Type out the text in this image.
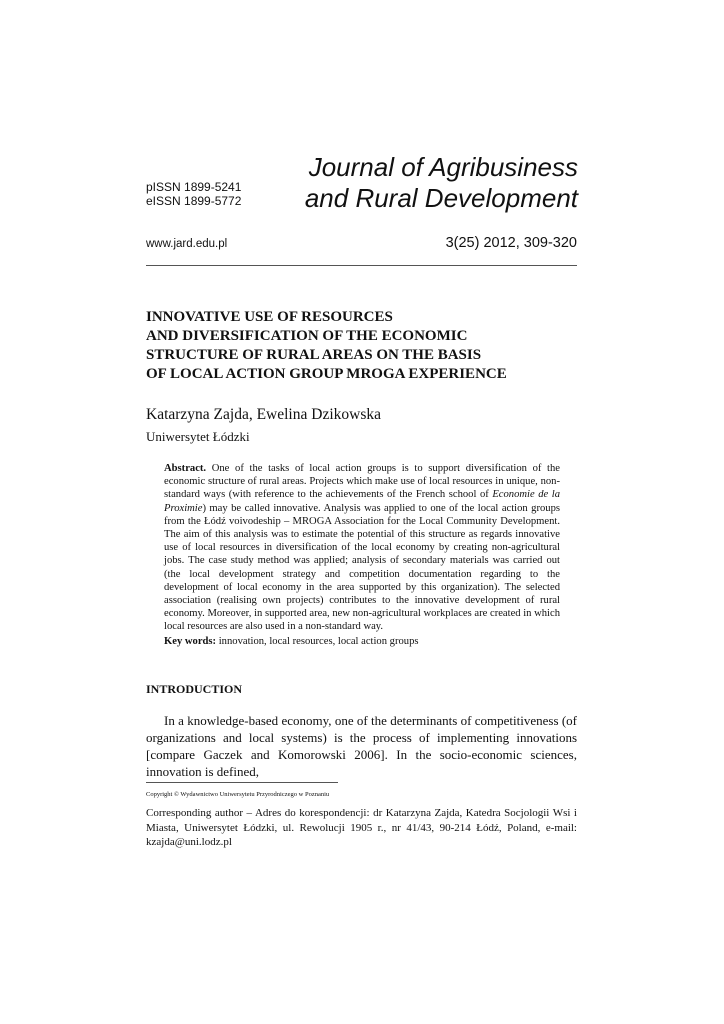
pISSN 1899-5241
eISSN 1899-5772
Journal of Agribusiness
and Rural Development
www.jard.edu.pl	3(25) 2012, 309-320
INNOVATIVE USE OF RESOURCES
AND DIVERSIFICATION OF THE ECONOMIC
STRUCTURE OF RURAL AREAS ON THE BASIS
OF LOCAL ACTION GROUP MROGA EXPERIENCE
Katarzyna Zajda, Ewelina Dzikowska
Uniwersytet Łódzki
Abstract. One of the tasks of local action groups is to support diversification of the economic structure of rural areas. Projects which make use of local resources in unique, non-standard ways (with reference to the achievements of the French school of Economie de la Proximie) may be called innovative. Analysis was applied to one of the local action groups from the Łódź voivodeship – MROGA Association for the Local Community Development. The aim of this analysis was to estimate the potential of this structure as regards innovative use of local resources in diversification of the local economy by creating non-agricultural jobs. The case study method was applied; analysis of secondary materials was carried out (the local development strategy and competition documentation regarding to the development of local economy in the area supported by this organization). The selected association (realising own projects) contributes to the innovative development of rural economy. Moreover, in supported area, new non-agricultural workplaces are created in which local resources are also used in a non-standard way.
Key words: innovation, local resources, local action groups
INTRODUCTION
In a knowledge-based economy, one of the determinants of competitiveness (of organizations and local systems) is the process of implementing innovations [compare Gaczek and Komorowski 2006]. In the socio-economic sciences, innovation is defined,
Copyright © Wydawnictwo Uniwersytetu Przyrodniczego w Poznaniu
Corresponding author – Adres do korespondencji: dr Katarzyna Zajda, Katedra Socjologii Wsi i Miasta, Uniwersytet Łódzki, ul. Rewolucji 1905 r., nr 41/43, 90-214 Łódź, Poland, e-mail: kzajda@uni.lodz.pl
